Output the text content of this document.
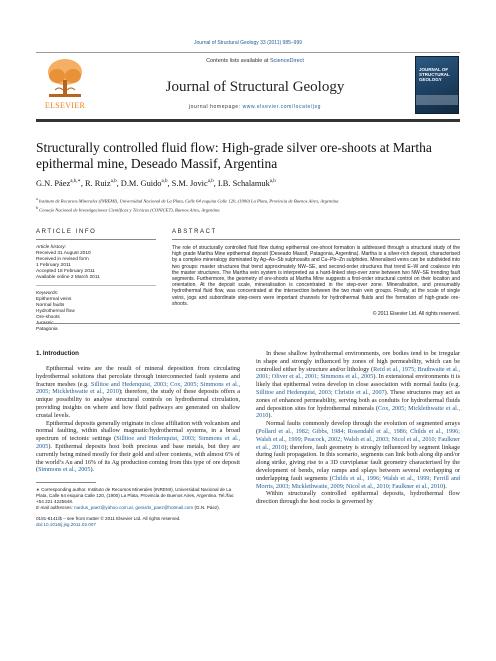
Journal of Structural Geology 33 (2011) 985–999
ELSEVIER
Contents lists available at ScienceDirect
Journal of Structural Geology
journal homepage: www.elsevier.com/locate/jsg
JOURNAL OF STRUCTURAL GEOLOGY
Structurally controlled fluid flow: High-grade silver ore-shoots at Martha epithermal mine, Deseado Massif, Argentina
G.N. Páez$^{a,b,∗}$, R. Ruiz$^{a,b}$, D.M. Guido$^{a,b}$, S.M. Jovic$^{a,b}$, I.B. Schalamuk$^{a,b}$
$^a$ Instituto de Recursos Minerales (INREMI), Universidad Nacional de La Plata, Calle 64 esquina Calle 120, (1900) La Plata, Provincia de Buenos Aires, Argentina
$^b$ Consejo Nacional de Investigaciones Científicas y Técnicas (CONICET), Buenos Aires, Argentina
ARTICLE INFO
Article history:
Received 31 August 2010
Received in revised form
1 February 2011
Accepted 18 February 2011
Available online 2 March 2011
Keywords:
Epithermal veins
Normal faults
Hydrothermal flow
Ore-shoots
Jurassic
Patagonia
ABSTRACT
The role of structurally controlled fluid flow during epithermal ore-shoot formation is addressed through a structural study of the high grade Martha Mine epithermal deposit (Deseado Massif, Patagonia, Argentina). Martha is a silver-rich deposit, characterised by a complex mineralogy dominated by Ag–As–Sb sulphosalts and Cu–Pb–Zn sulphides. Mineralised veins can be subdivided into two groups: master structures that trend approximately NW–SE, and second-order structures that trend E–W and coalesce into the master structures. The Martha vein system is interpreted as a hard-linked step-over zone between two NW–SE trending fault segments. Furthermore, the geometry of ore-shoots at Martha Mine suggests a first-order structural control on their location and orientation. At the deposit scale, mineralisation is concentrated in the step-over zone. Mineralisation, and presumably hydrothermal fluid flow, was concentrated at the intersection between the two main vein groups. Finally, at the scale of single veins, jogs and subordinate step-overs were important channels for hydrothermal fluids and the formation of high-grade ore-shoots.
© 2011 Elsevier Ltd. All rights reserved.
1. Introduction

Epithermal veins are the result of mineral deposition from circulating hydrothermal solutions that percolate through interconnected fault systems and fracture meshes (e.g. Sillitoe and Hedenquist, 2003; Cox, 2005; Simmons et al., 2005; Micklethwaite et al., 2010); therefore, the study of these deposits offers a unique possibility to analyse structural controls on hydrothermal circulation, providing insights on where and how fluid pathways are generated on shallow crustal levels.

Epithermal deposits generally originate in close affiliation with volcanism and normal faulting, within shallow magmatic/hydrothermal systems, in a broad spectrum of tectonic settings (Sillitoe and Hedenquist, 2003; Simmons et al., 2005). Epithermal deposits host both precious and base metals, but they are currently being mined mostly for their gold and silver contents, with almost 6% of the world’s Au and 16% of its Ag production coming from this type of ore deposit (Simmons et al., 2005).

∗ Corresponding author. Instituto de Recursos Minerales (INREMI), Universidad Nacional de La Plata, Calle 64 esquina Calle 120, (1900) La Plata, Provincia de Buenos Aires, Argentina. Tel./fax: +54 221 4225648.
E-mail addresses: nardus_paez@yahoo.com.ar, gerardo_paez@hotmail.com (G.N. Páez).
0191-8141/$ – see front matter © 2011 Elsevier Ltd. All rights reserved.
doi:10.1016/j.jsg.2011.02.007

In these shallow hydrothermal environments, ore bodies tend to be irregular in shape and strongly influenced by zones of high permeability, which can be controlled either by structure and/or lithology (Reid et al., 1975; Brathwaite et al., 2001; Oliver et al., 2001; Simmons et al., 2005). In extensional environments it is likely that epithermal veins develop in close association with normal faults (e.g. Sillitoe and Hedenquist, 2003; Christie et al., 2007). These structures may act as zones of enhanced permeability, serving both as conduits for hydrothermal fluids and deposition sites for hydrothermal minerals (Cox, 2005; Micklethwaite et al., 2010).

Normal faults commonly develop through the evolution of segmented arrays (Pollard et al., 1982; Gibbs, 1984; Rosendahl et al., 1986; Childs et al., 1996; Walsh et al., 1999; Peacock, 2002; Walsh et al., 2003; Nicol et al., 2010; Faulkner et al., 2010); therefore, fault geometry is strongly influenced by segment linkage during fault propagation. In this scenario, segments can link both along dip and/or along strike, giving rise to a 3D curviplanar fault geometry characterised by the development of bends, relay ramps and splays between several overlapping or underlapping fault segments (Childs et al., 1996; Walsh et al., 1999; Ferrill and Morris, 2003; Micklethwaite, 2009; Nicol et al., 2010; Faulkner et al., 2010).

Within structurally controlled epithermal deposits, hydrothermal flow direction through the host rocks is governed by
